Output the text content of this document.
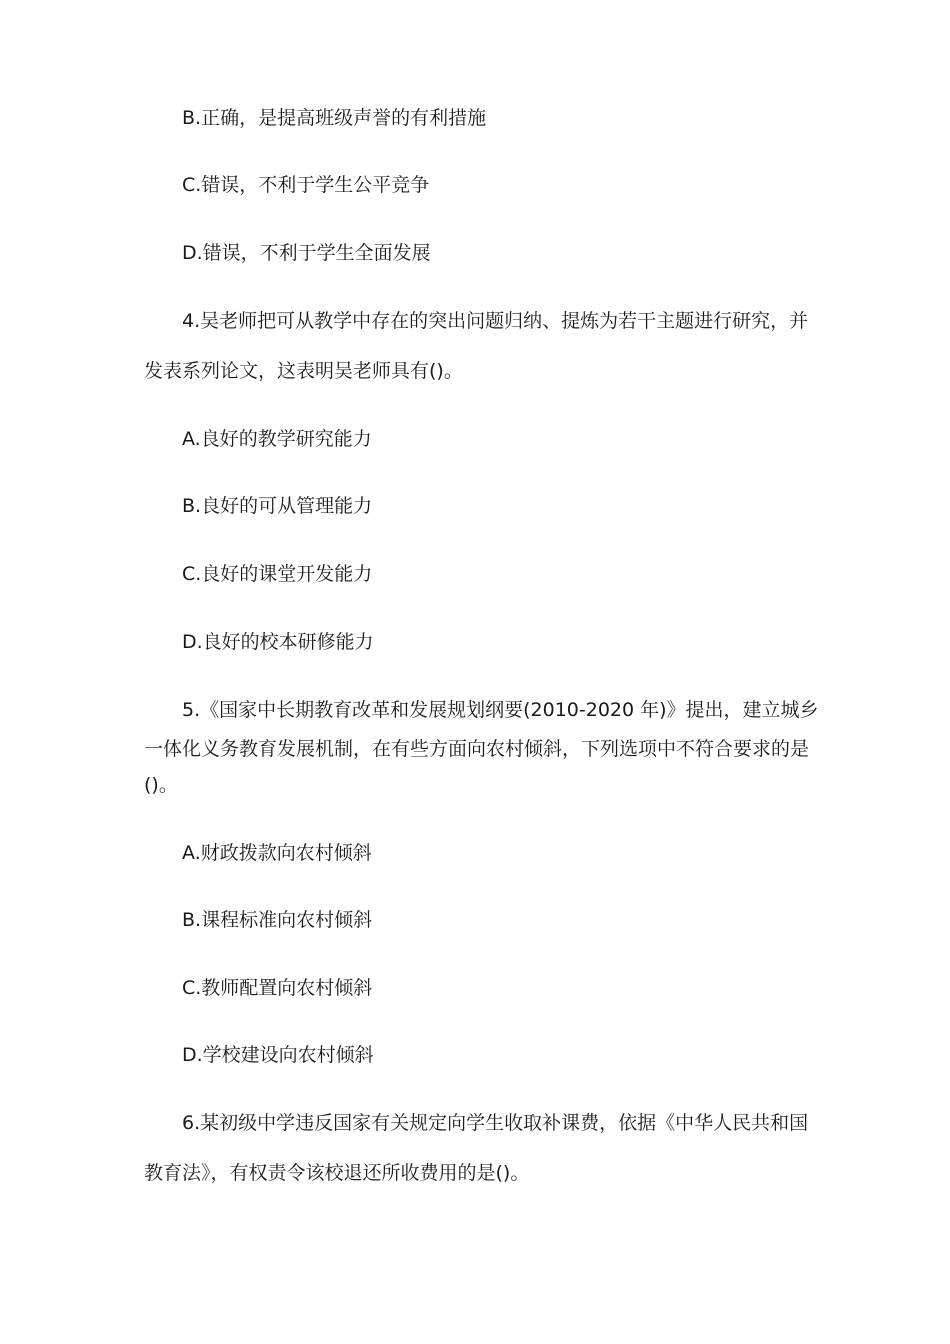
B.正确，是提高班级声誉的有利措施
C.错误，不利于学生公平竞争
D.错误，不利于学生全面发展
4.吴老师把可从教学中存在的突出问题归纳、提炼为若干主题进行研究，并
发表系列论文，这表明吴老师具有()。
A.良好的教学研究能力
B.良好的可从管理能力
C.良好的课堂开发能力
D.良好的校本研修能力
5.《国家中长期教育改革和发展规划纲要(2010-2020 年)》提出，建立城乡
一体化义务教育发展机制，在有些方面向农村倾斜，下列选项中不符合要求的是
()。
A.财政拨款向农村倾斜
B.课程标准向农村倾斜
C.教师配置向农村倾斜
D.学校建设向农村倾斜
6.某初级中学违反国家有关规定向学生收取补课费，依据《中华人民共和国
教育法》，有权责令该校退还所收费用的是()。
